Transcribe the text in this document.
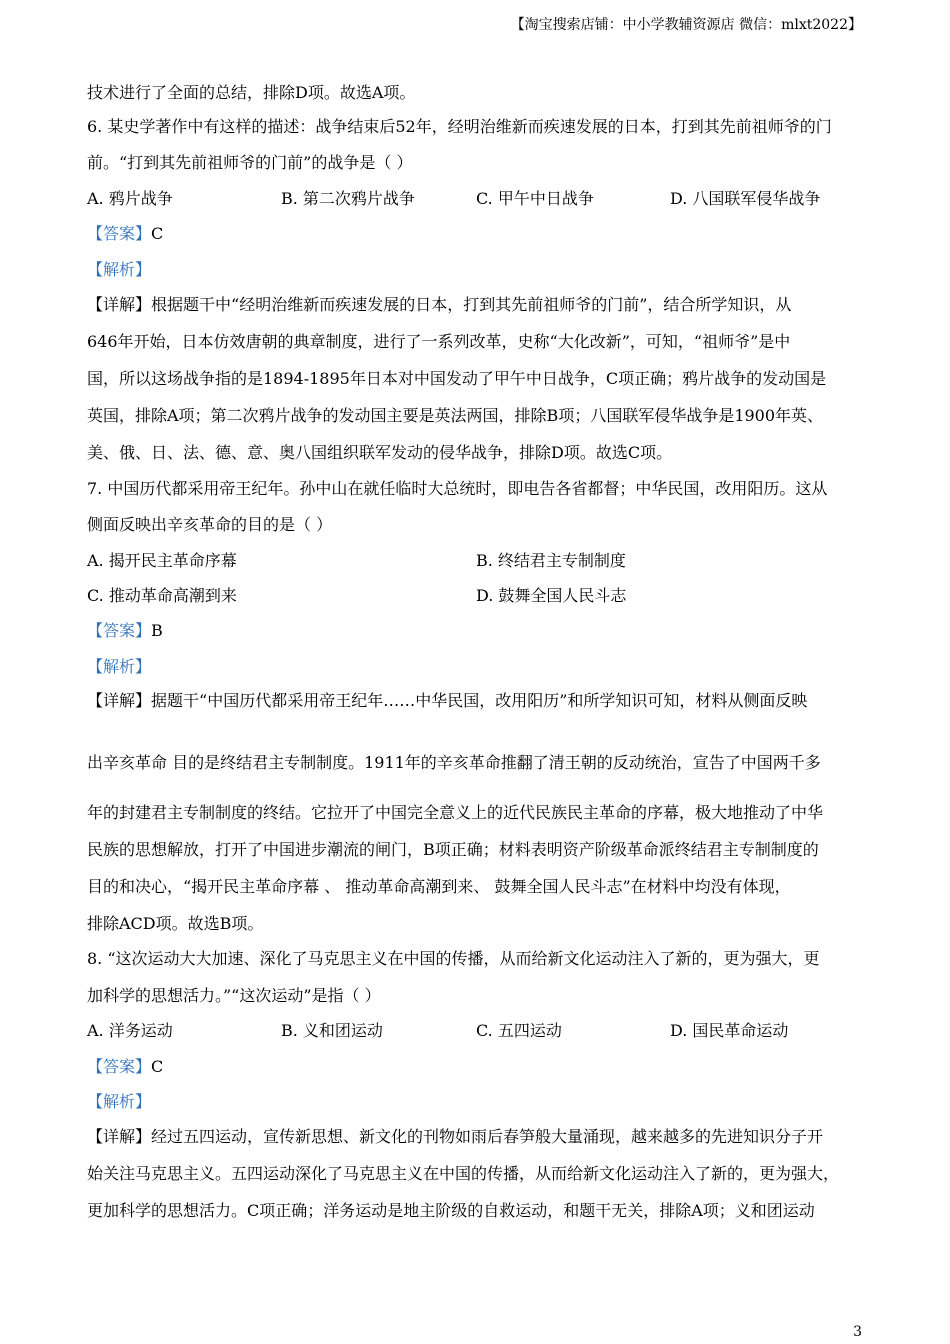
【淘宝搜索店铺：中小学教辅资源店 微信：mlxt2022】
技术进行了全面的总结，排除D项。故选A项。
6. 某史学著作中有这样的描述：战争结束后52年，经明治维新而疾速发展的日本，打到其先前祖师爷的门
前。“打到其先前祖师爷的门前”的战争是（ ）
A. 鸦片战争	B. 第二次鸦片战争	C. 甲午中日战争	D. 八国联军侵华战争
【答案】C
【解析】
【详解】根据题干中“经明治维新而疾速发展的日本，打到其先前祖师爷的门前”，结合所学知识，从
646年开始，日本仿效唐朝的典章制度，进行了一系列改革，史称“大化改新”，可知，“祖师爷”是中
国，所以这场战争指的是1894-1895年日本对中国发动了甲午中日战争，C项正确；鸦片战争的发动国是
英国，排除A项；第二次鸦片战争的发动国主要是英法两国，排除B项；八国联军侵华战争是1900年英、
美、俄、日、法、德、意、奥八国组织联军发动的侵华战争，排除D项。故选C项。
7. 中国历代都采用帝王纪年。孙中山在就任临时大总统时，即电告各省都督；中华民国，改用阳历。这从
侧面反映出辛亥革命的目的是（ ）
A. 揭开民主革命序幕	B. 终结君主专制制度
C. 推动革命高潮到来	D. 鼓舞全国人民斗志
【答案】B
【解析】
【详解】据题干“中国历代都采用帝王纪年……中华民国，改用阳历”和所学知识可知，材料从侧面反映
出辛亥革命 目的是终结君主专制制度。1911年的辛亥革命推翻了清王朝的反动统治，宣告了中国两千多
年的封建君主专制制度的终结。它拉开了中国完全意义上的近代民族民主革命的序幕，极大地推动了中华
民族的思想解放，打开了中国进步潮流的闸门，B项正确；材料表明资产阶级革命派终结君主专制制度的
目的和决心，“揭开民主革命序幕 、 推动革命高潮到来、 鼓舞全国人民斗志”在材料中均没有体现，
排除ACD项。故选B项。
8. “这次运动大大加速、深化了马克思主义在中国的传播，从而给新文化运动注入了新的，更为强大，更
加科学的思想活力。”“这次运动”是指（ ）
A. 洋务运动	B. 义和团运动	C. 五四运动	D. 国民革命运动
【答案】C
【解析】
【详解】经过五四运动，宣传新思想、新文化的刊物如雨后春笋般大量涌现，越来越多的先进知识分子开
始关注马克思主义。五四运动深化了马克思主义在中国的传播，从而给新文化运动注入了新的，更为强大，
更加科学的思想活力。C项正确；洋务运动是地主阶级的自救运动，和题干无关，排除A项；义和团运动
3
